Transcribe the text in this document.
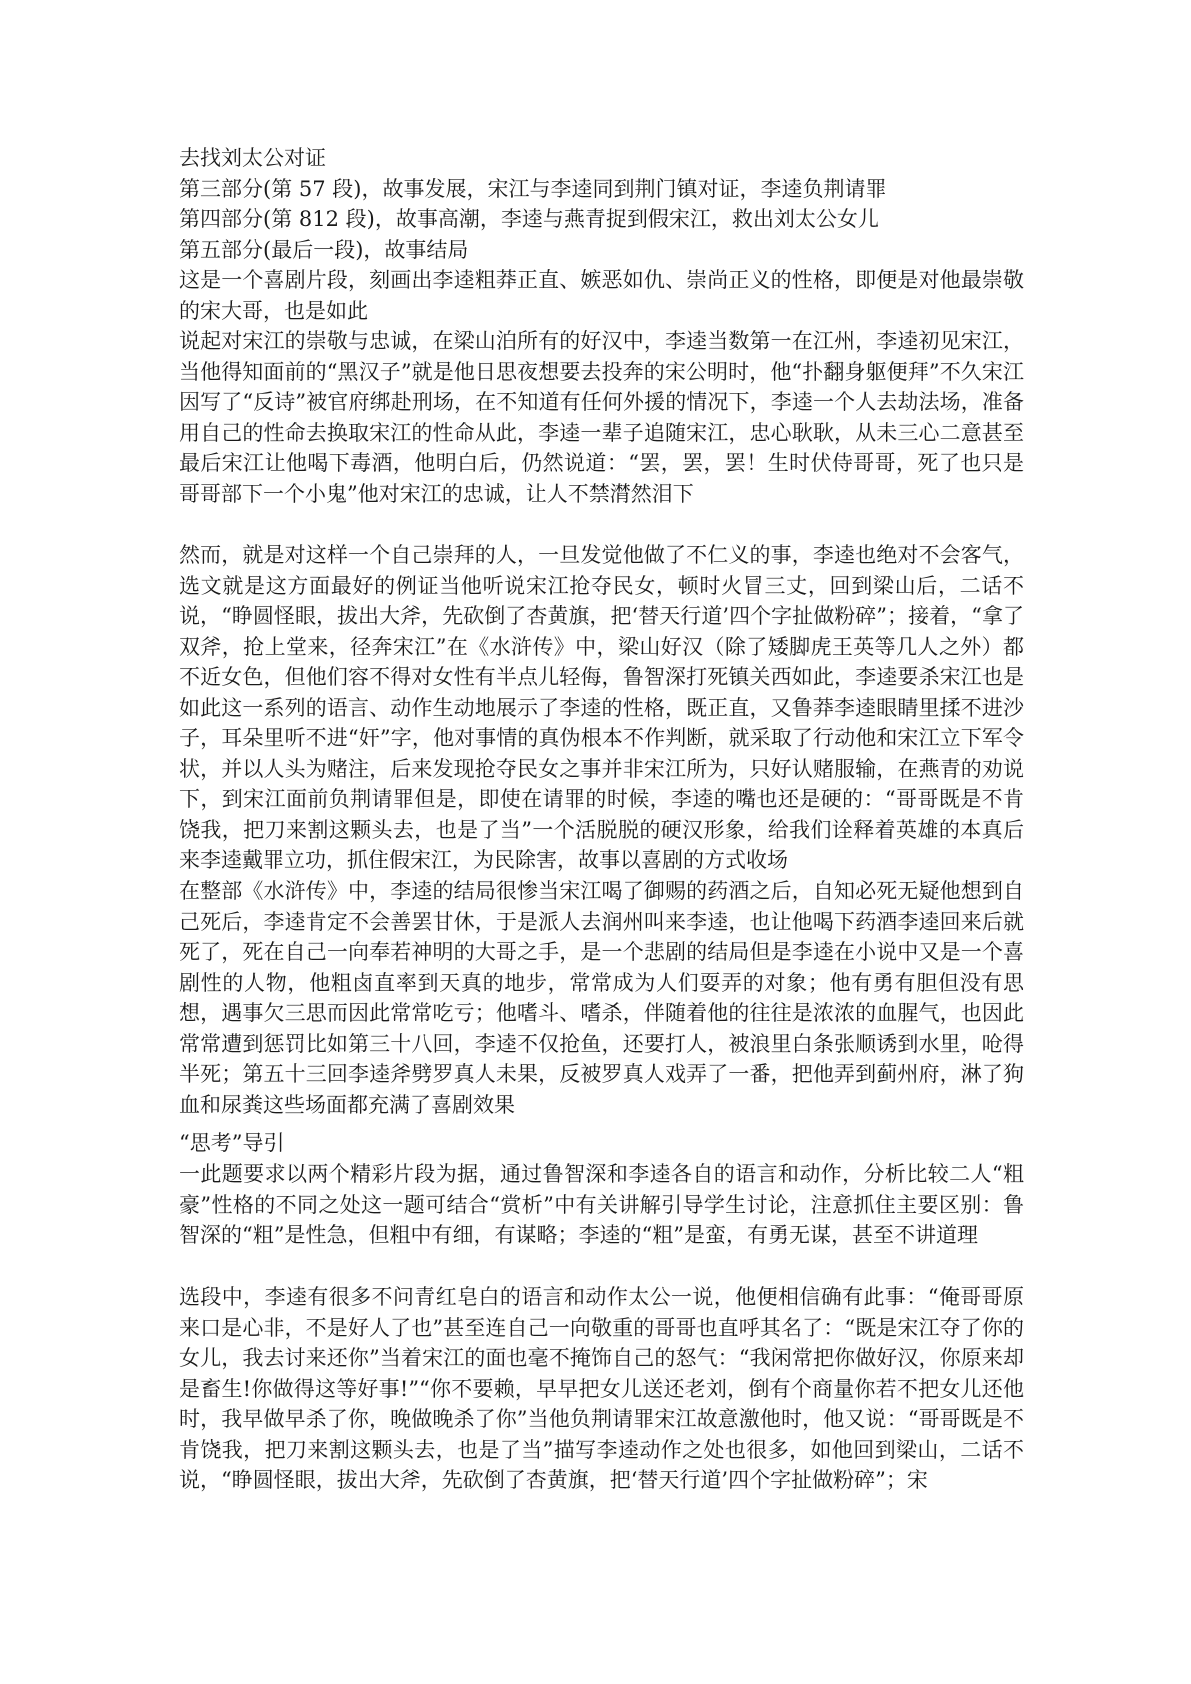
去找刘太公对证
第三部分(第 57 段)，故事发展，宋江与李逵同到荆门镇对证，李逵负荆请罪
第四部分(第 812 段)，故事高潮，李逵与燕青捉到假宋江，救出刘太公女儿
第五部分(最后一段)，故事结局
这是一个喜剧片段，刻画出李逵粗莽正直、嫉恶如仇、崇尚正义的性格，即便是对他最崇敬的宋大哥，也是如此
说起对宋江的崇敬与忠诚，在梁山泊所有的好汉中，李逵当数第一在江州，李逵初见宋江，当他得知面前的“黑汉子”就是他日思夜想要去投奔的宋公明时，他“扑翻身躯便拜”不久宋江因写了“反诗”被官府绑赴刑场，在不知道有任何外援的情况下，李逵一个人去劫法场，准备用自己的性命去换取宋江的性命从此，李逵一辈子追随宋江，忠心耿耿，从未三心二意甚至最后宋江让他喝下毒酒，他明白后，仍然说道：“罢，罢，罢！生时伏侍哥哥，死了也只是哥哥部下一个小鬼”他对宋江的忠诚，让人不禁潸然泪下
然而，就是对这样一个自己崇拜的人，一旦发觉他做了不仁义的事，李逵也绝对不会客气，选文就是这方面最好的例证当他听说宋江抢夺民女，顿时火冒三丈，回到梁山后，二话不说，“睁圆怪眼，拔出大斧，先砍倒了杏黄旗，把‘替天行道’四个字扯做粉碎”；接着，“拿了双斧，抢上堂来，径奔宋江”在《水浒传》中，梁山好汉（除了矮脚虎王英等几人之外）都不近女色，但他们容不得对女性有半点儿轻侮，鲁智深打死镇关西如此，李逵要杀宋江也是如此这一系列的语言、动作生动地展示了李逵的性格，既正直，又鲁莽李逵眼睛里揉不进沙子，耳朵里听不进“奸”字，他对事情的真伪根本不作判断，就采取了行动他和宋江立下军令状，并以人头为赌注，后来发现抢夺民女之事并非宋江所为，只好认赌服输，在燕青的劝说下，到宋江面前负荆请罪但是，即使在请罪的时候，李逵的嘴也还是硬的：“哥哥既是不肯饶我，把刀来割这颗头去，也是了当”一个活脱脱的硬汉形象，给我们诠释着英雄的本真后来李逵戴罪立功，抓住假宋江，为民除害，故事以喜剧的方式收场
在整部《水浒传》中，李逵的结局很惨当宋江喝了御赐的药酒之后，自知必死无疑他想到自己死后，李逵肯定不会善罢甘休，于是派人去润州叫来李逵，也让他喝下药酒李逵回来后就死了，死在自己一向奉若神明的大哥之手，是一个悲剧的结局但是李逵在小说中又是一个喜剧性的人物，他粗卤直率到天真的地步，常常成为人们耍弄的对象；他有勇有胆但没有思想，遇事欠三思而因此常常吃亏；他嗜斗、嗜杀，伴随着他的往往是浓浓的血腥气，也因此常常遭到惩罚比如第三十八回，李逵不仅抢鱼，还要打人，被浪里白条张顺诱到水里，呛得半死；第五十三回李逵斧劈罗真人未果，反被罗真人戏弄了一番，把他弄到蓟州府，淋了狗血和尿粪这些场面都充满了喜剧效果
“思考”导引
一此题要求以两个精彩片段为据，通过鲁智深和李逵各自的语言和动作，分析比较二人“粗豪”性格的不同之处这一题可结合“赏析”中有关讲解引导学生讨论，注意抓住主要区别：鲁智深的“粗”是性急，但粗中有细，有谋略；李逵的“粗”是蛮，有勇无谋，甚至不讲道理
选段中，李逵有很多不问青红皂白的语言和动作太公一说，他便相信确有此事：“俺哥哥原来口是心非，不是好人了也”甚至连自己一向敬重的哥哥也直呼其名了：“既是宋江夺了你的女儿，我去讨来还你”当着宋江的面也毫不掩饰自己的怒气：“我闲常把你做好汉，你原来却是畜生!你做得这等好事!”“你不要赖，早早把女儿送还老刘，倒有个商量你若不把女儿还他时，我早做早杀了你，晚做晚杀了你”当他负荆请罪宋江故意激他时，他又说：“哥哥既是不肯饶我，把刀来割这颗头去，也是了当”描写李逵动作之处也很多，如他回到梁山，二话不说，“睁圆怪眼，拔出大斧，先砍倒了杏黄旗，把‘替天行道’四个字扯做粉碎”；宋
